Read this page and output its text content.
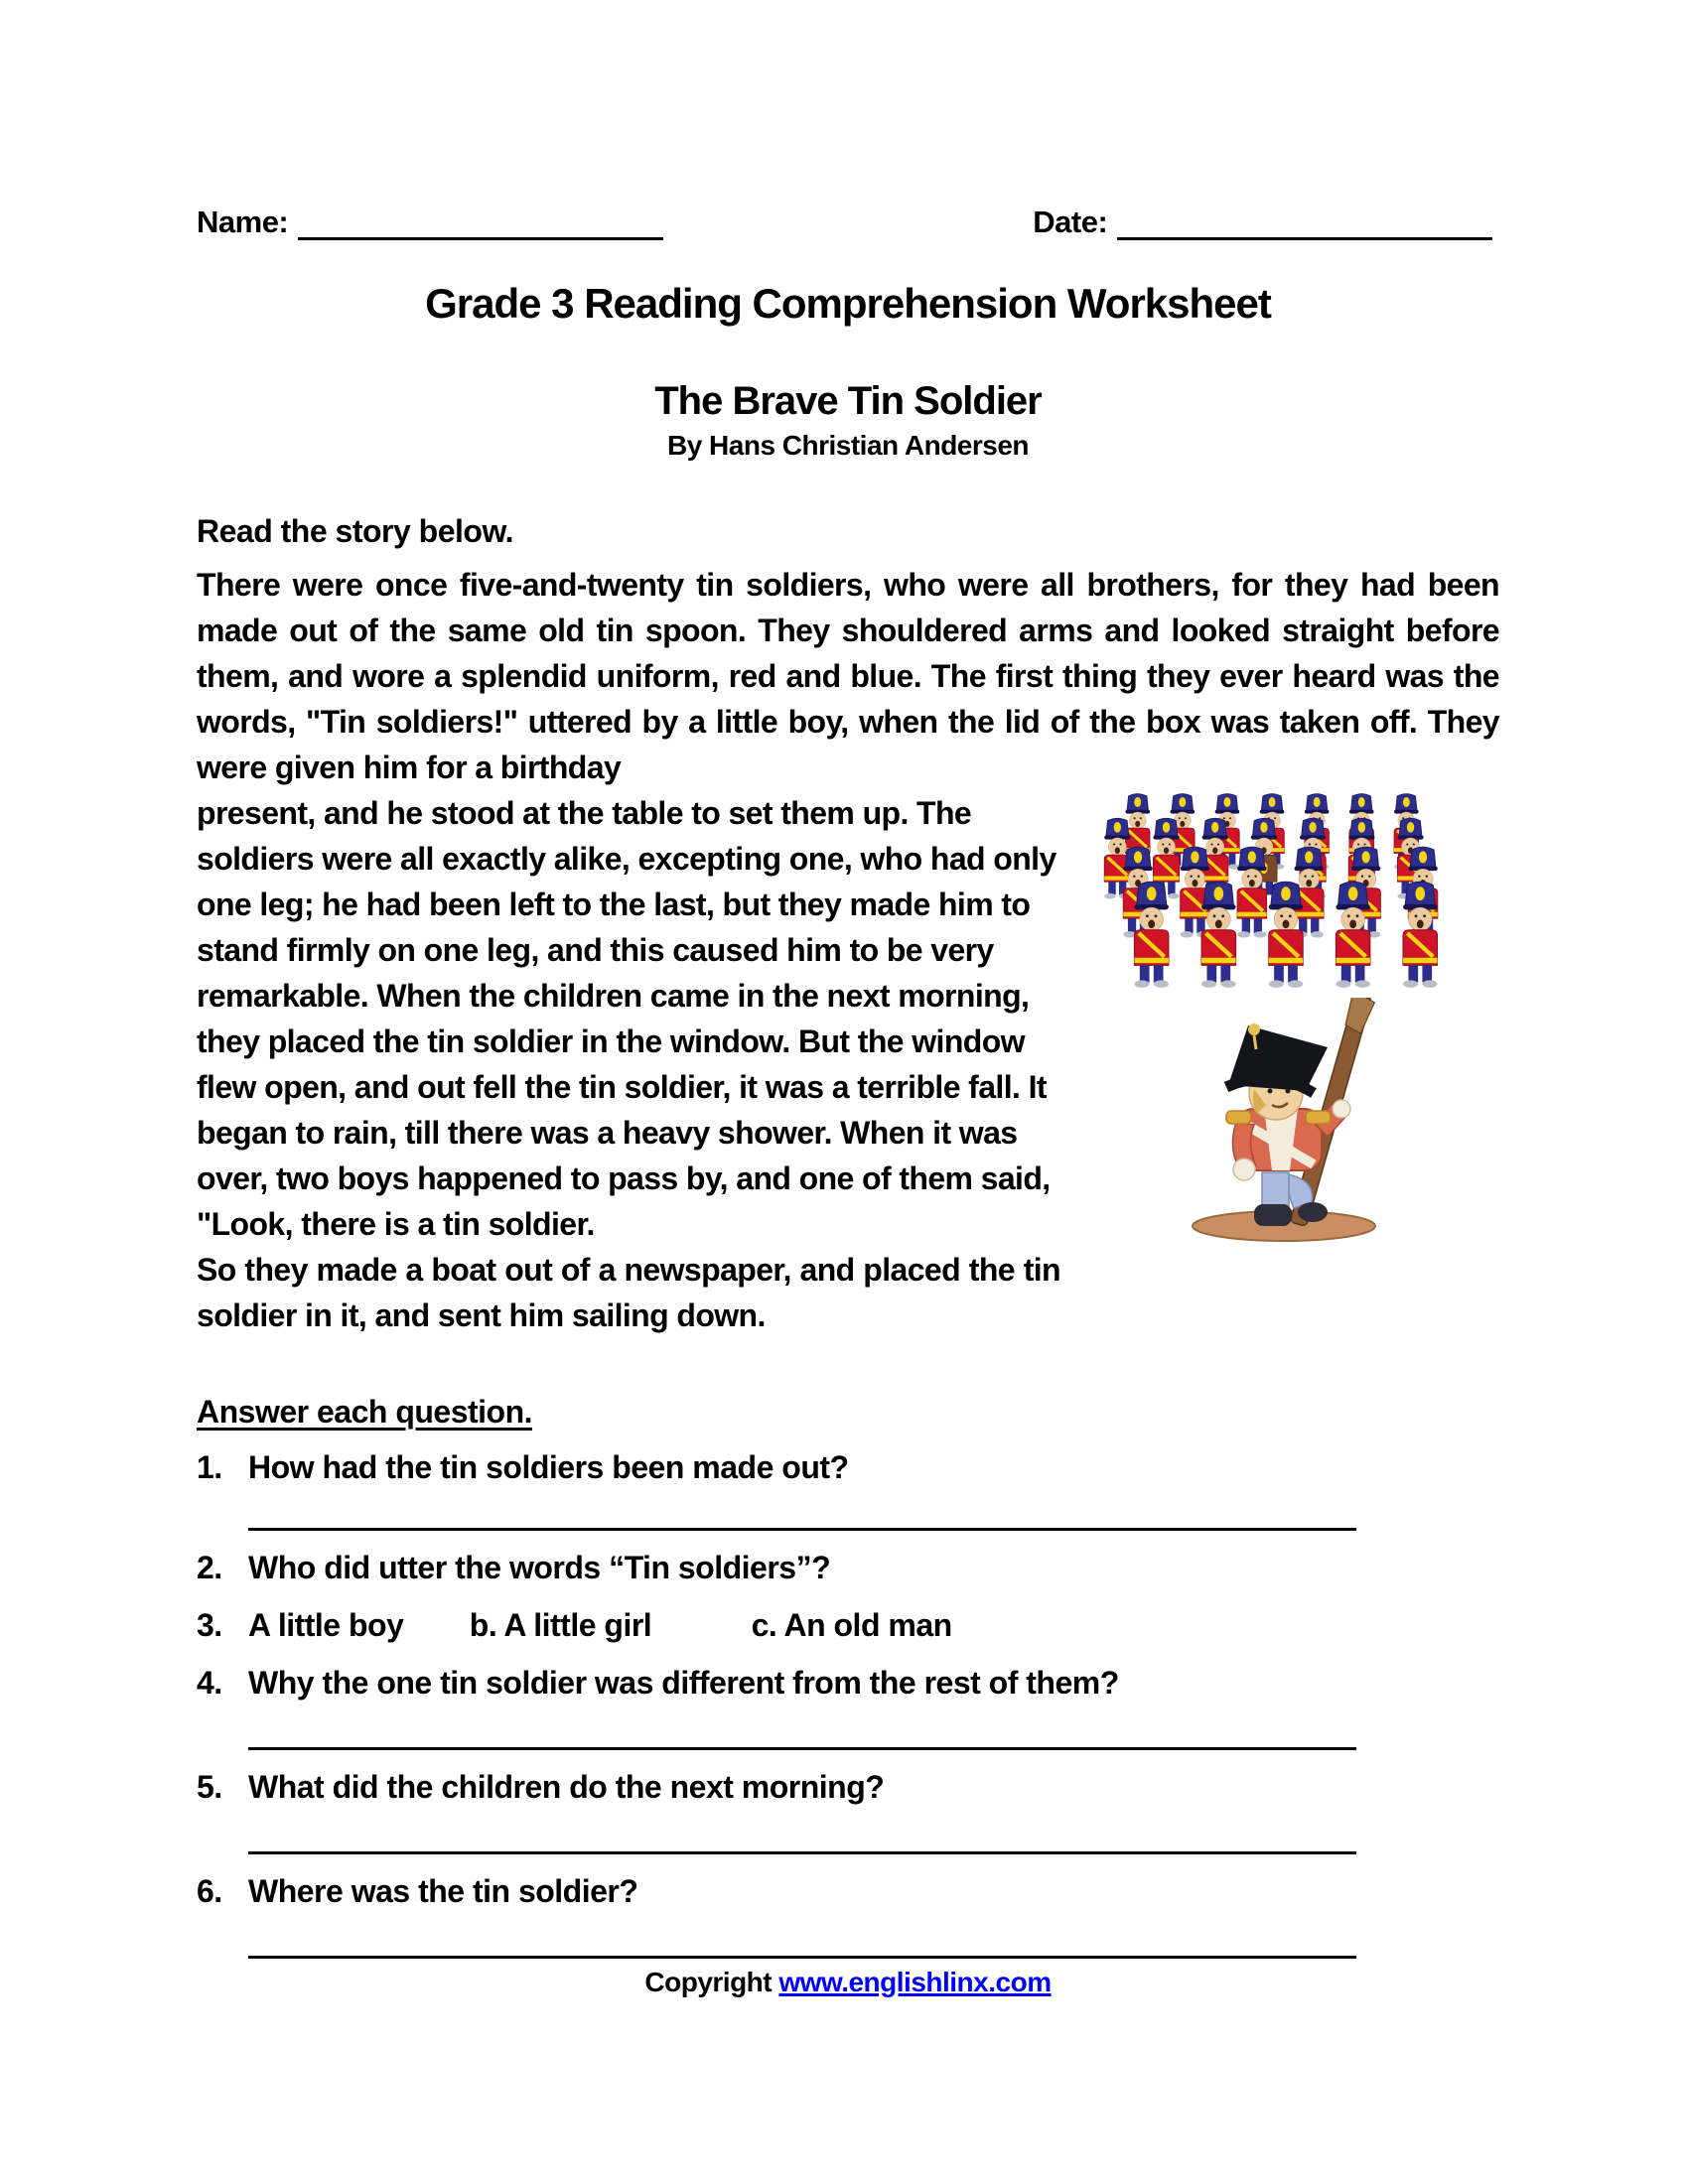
Name:	Date:
Grade 3 Reading Comprehension Worksheet
The Brave Tin Soldier
By Hans Christian Andersen

Read the story below.

There were once five-and-twenty tin soldiers, who were all brothers, for they had been made out of the same old tin spoon. They shouldered arms and looked straight before them, and wore a splendid uniform, red and blue. The first thing they ever heard was the words, "Tin soldiers!" uttered by a little boy, when the lid of the box was taken off. They were given him for a birthday

present, and he stood at the table to set them up. The soldiers were all exactly alike, excepting one, who had only one leg; he had been left to the last, but they made him to stand firmly on one leg, and this caused him to be very remarkable. When the children came in the next morning, they placed the tin soldier in the window. But the window flew open, and out fell the tin soldier, it was a terrible fall. It began to rain, till there was a heavy shower. When it was over, two boys happened to pass by, and one of them said, "Look, there is a tin soldier.

So they made a boat out of a newspaper, and placed the tin soldier in it, and sent him sailing down.

Answer each question.

1. How had the tin soldiers been made out?
2. Who did utter the words “Tin soldiers”?
3. A little boy b. A little girl	c. An old man
4. Why the one tin soldier was different from the rest of them?
5. What did the children do the next morning?
6. Where was the tin soldier?
Copyright www.englishlinx.com
